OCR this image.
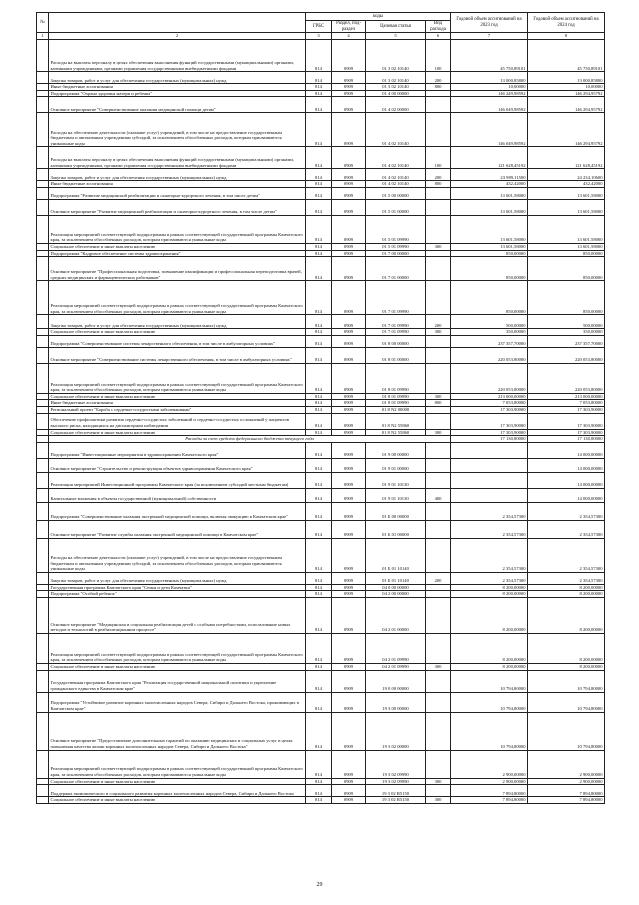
№		коды				Годовой объем ассигнований на 2023 год	Годовой объем ассигнований на 2024 год
		ГРБС	Раздел, под-раздел	Целевая статья	Вид расхода		
1	2	3	4	5	6	7	8
	Расходы на выплаты персоналу в целях обеспечения выполнения функций государственными (муниципальными) органами, казенными учреждениями, органами управления государственными внебюджетными фондами	814	0909	01 3 02 10140	100	45 750,89101	45 750,89101
	Закупка товаров, работ и услуг для обеспечения государственных (муниципальных) нужд	814	0909	01 3 02 10140	200	13 000,85800	13 000,85800
	Иные бюджетные ассигнования	814	0909	01 3 02 10140	800	10,00000	10,00000
	Подпрограмма "Охрана здоровья матери и ребенка"	814	0909	01 4 00 00000		146 249,98592	146 294,95792
	Основное мероприятие "Совершенствование оказания медицинской помощи детям"	814	0909	01 4 02 00000		146 049,98592	146 294,95792
	Расходы на обеспечение деятельности (оказание услуг) учреждений, в том числе на предоставление государственным бюджетным и автономным учреждениям субсидий, за исключением обособленных расходов, которым присваиваются уникальные коды	814	0909	01 4 02 10140		146 049,98592	146 294,95792
	Расходы на выплаты персоналу в целях обеспечения выполнения функций государственными (муниципальными) органами, казенными учреждениями, органами управления государственными внебюджетными фондами	814	0909	01 4 02 10140	100	121 628,45192	121 628,45192
	Закупка товаров, работ и услуг для обеспечения государственных (муниципальных) нужд	814	0909	01 4 02 10140	200	23 989,11500	24 234,10600
	Иные бюджетные ассигнования	814	0909	01 4 02 10140	800	432,42000	432,42000
	Подпрограмма "Развитие медицинской реабилитации и санаторно-курортного лечения, в том числе детям"	814	0909	01 5 00 00000		13 601,58000	13 601,58000
	Основное мероприятие "Развитие медицинской реабилитации и санаторно-курортного лечения, в том числе детям"	814	0909	01 5 01 00000		13 601,58000	13 601,58000
	Реализация мероприятий соответствующей подпрограммы в рамках соответствующей государственной программы Камчатского края, за исключением обособленных расходов, которым присваиваются уникальные коды	814	0909	01 5 01 09990		13 601,58000	13 601,58000
	Социальное обеспечение и иные выплаты населению	814	0909	01 5 01 09990	300	13 601,58000	13 601,58000
	Подпрограмма "Кадровое обеспечение системы здравоохранения"	814	0909	01 7 00 00000		850,00000	850,00000
	Основное мероприятие "Профессиональная подготовка, повышение квалификации и профессиональная переподготовка врачей, средних медицинских и фармацевтических работников"	814	0909	01 7 01 00000		850,00000	850,00000
	Реализация мероприятий соответствующей подпрограммы в рамках соответствующей государственной программы Камчатского края, за исключением обособленных расходов, которым присваиваются уникальные коды	814	0909	01 7 01 09990		850,00000	850,00000
	Закупка товаров, работ и услуг для обеспечения государственных (муниципальных) нужд	814	0909	01 7 01 09990	200	500,00000	500,00000
	Социальное обеспечение и иные выплаты населению	814	0909	01 7 01 09990	300	350,00000	350,00000
	Подпрограмма "Совершенствование системы лекарственного обеспечения, в том числе в амбулаторных условиях"	814	0909	01 8 00 00000		237 357,70000	237 357,70000
	Основное мероприятие "Совершенствование системы лекарственного обеспечения, в том числе в амбулаторных условиях"	814	0909	01 8 01 00000		220 053,80000	220 053,80000
	Реализация мероприятий соответствующей подпрограммы в рамках соответствующей государственной программы Камчатского края, за исключением обособленных расходов, которым присваиваются уникальные коды	814	0909	01 8 01 09990		220 053,80000	220 053,80000
	Социальное обеспечение и иные выплаты населению	814	0909	01 8 01 09990	300	213 000,00000	213 000,00000
	Иные бюджетные ассигнования	814	0909	01 8 01 09990	800	7 053,80000	7 053,80000
	Региональный проект "Борьба с сердечно-сосудистыми заболеваниями"	814	0909	01 8 N2 00000		17 303,90000	17 303,90000
	Обеспечение профилактики развития сердечно-сосудистых заболеваний и сердечно-сосудистых осложнений у пациентов высокого риска, находящихся на диспансерном наблюдении	814	0909	01 8 N2 55860		17 303,90000	17 303,90000
	Социальное обеспечение и иные выплаты населению	814	0909	01 8 N2 55860	300	17 303,90000	17 303,90000
	Расходы за счет средств федерального бюджета текущего года					17 130,80000	17 130,80000
	Подпрограмма "Инвестиционные мероприятия в здравоохранении Камчатского края"	814	0909	01 9 00 00000			14 000,00000
	Основное мероприятие "Строительство и реконструкция объектов здравоохранения Камчатского края"	814	0909	01 9 01 00000			14 000,00000
	Реализация мероприятий Инвестиционной программы Камчатского края (за исключением субсидий местным бюджетам)	814	0909	01 9 01 10130			14 000,00000
	Капитальные вложения в объекты государственной (муниципальной) собственности	814	0909	01 9 01 10130	400		14 000,00000
	Подпрограмма "Совершенствование оказания экстренной медицинской помощи, включая эвакуацию в Камчатском крае"	814	0909	01 Б 00 00000		2 354,57300	2 354,57300
	Основное мероприятие "Развитие службы оказания экстренной медицинской помощи в Камчатском крае"	814	0909	01 Б 01 00000		2 354,57300	2 354,57300
	Расходы на обеспечение деятельности (оказание услуг) учреждений, в том числе на предоставление государственным бюджетным и автономным учреждениям субсидий, за исключением обособленных расходов, которым присваиваются уникальные коды	814	0909	01 Б 01 10140		2 354,57300	2 354,57300
	Закупка товаров, работ и услуг для обеспечения государственных (муниципальных) нужд	814	0909	01 Б 01 10140	200	2 354,57300	2 354,57300
	Государственная программа Камчатского края "Семья и дети Камчатки"	814	0909	04 0 00 00000		8 200,00000	8 200,00000
	Подпрограмма "Особый ребенок"	814	0909	04 2 00 00000		8 200,00000	8 200,00000
	Основное мероприятие "Медицинская и социальная реабилитация детей с особыми потребностями, использование новых методов и технологий в реабилитационном процессе"	814	0909	04 2 01 00000		8 200,00000	8 200,00000
	Реализация мероприятий соответствующей подпрограммы в рамках соответствующей государственной программы Камчатского края, за исключением обособленных расходов, которым присваиваются уникальные коды	814	0909	04 2 01 09990		8 200,00000	8 200,00000
	Социальное обеспечение и иные выплаты населению	814	0909	04 2 01 09990	300	8 200,00000	8 200,00000
	Государственная программа Камчатского края "Реализация государственной национальной политики и укрепление гражданского единства в Камчатском крае"	814	0909	19 0 00 00000		10 794,80000	10 794,80000
	Подпрограмма "Устойчивое развитие коренных малочисленных народов Севера, Сибири и Дальнего Востока, проживающих в Камчатском крае"	814	0909	19 3 00 00000		10 794,80000	10 794,80000
	Основное мероприятие "Предоставление дополнительных гарантий по оказанию медицинских и социальных услуг в целях повышения качества жизни коренных малочисленных народов Севера, Сибири и Дальнего Востока"	814	0909	19 3 02 00000		10 794,80000	10 794,80000
	Реализация мероприятий соответствующей подпрограммы в рамках соответствующей государственной программы Камчатского края, за исключением обособленных расходов, которым присваиваются уникальные коды	814	0909	19 3 02 09990		2 900,00000	2 900,00000
	Социальное обеспечение и иные выплаты населению	814	0909	19 3 02 09990	300	2 900,00000	2 900,00000
	Поддержка экономического и социального развития коренных малочисленных народов Севера, Сибири и Дальнего Востока	814	0909	19 3 02 R5150		7 894,80000	7 894,80000
	Социальное обеспечение и иные выплаты населению	814	0909	19 3 02 R5150	300	7 894,80000	7 894,80000
29
